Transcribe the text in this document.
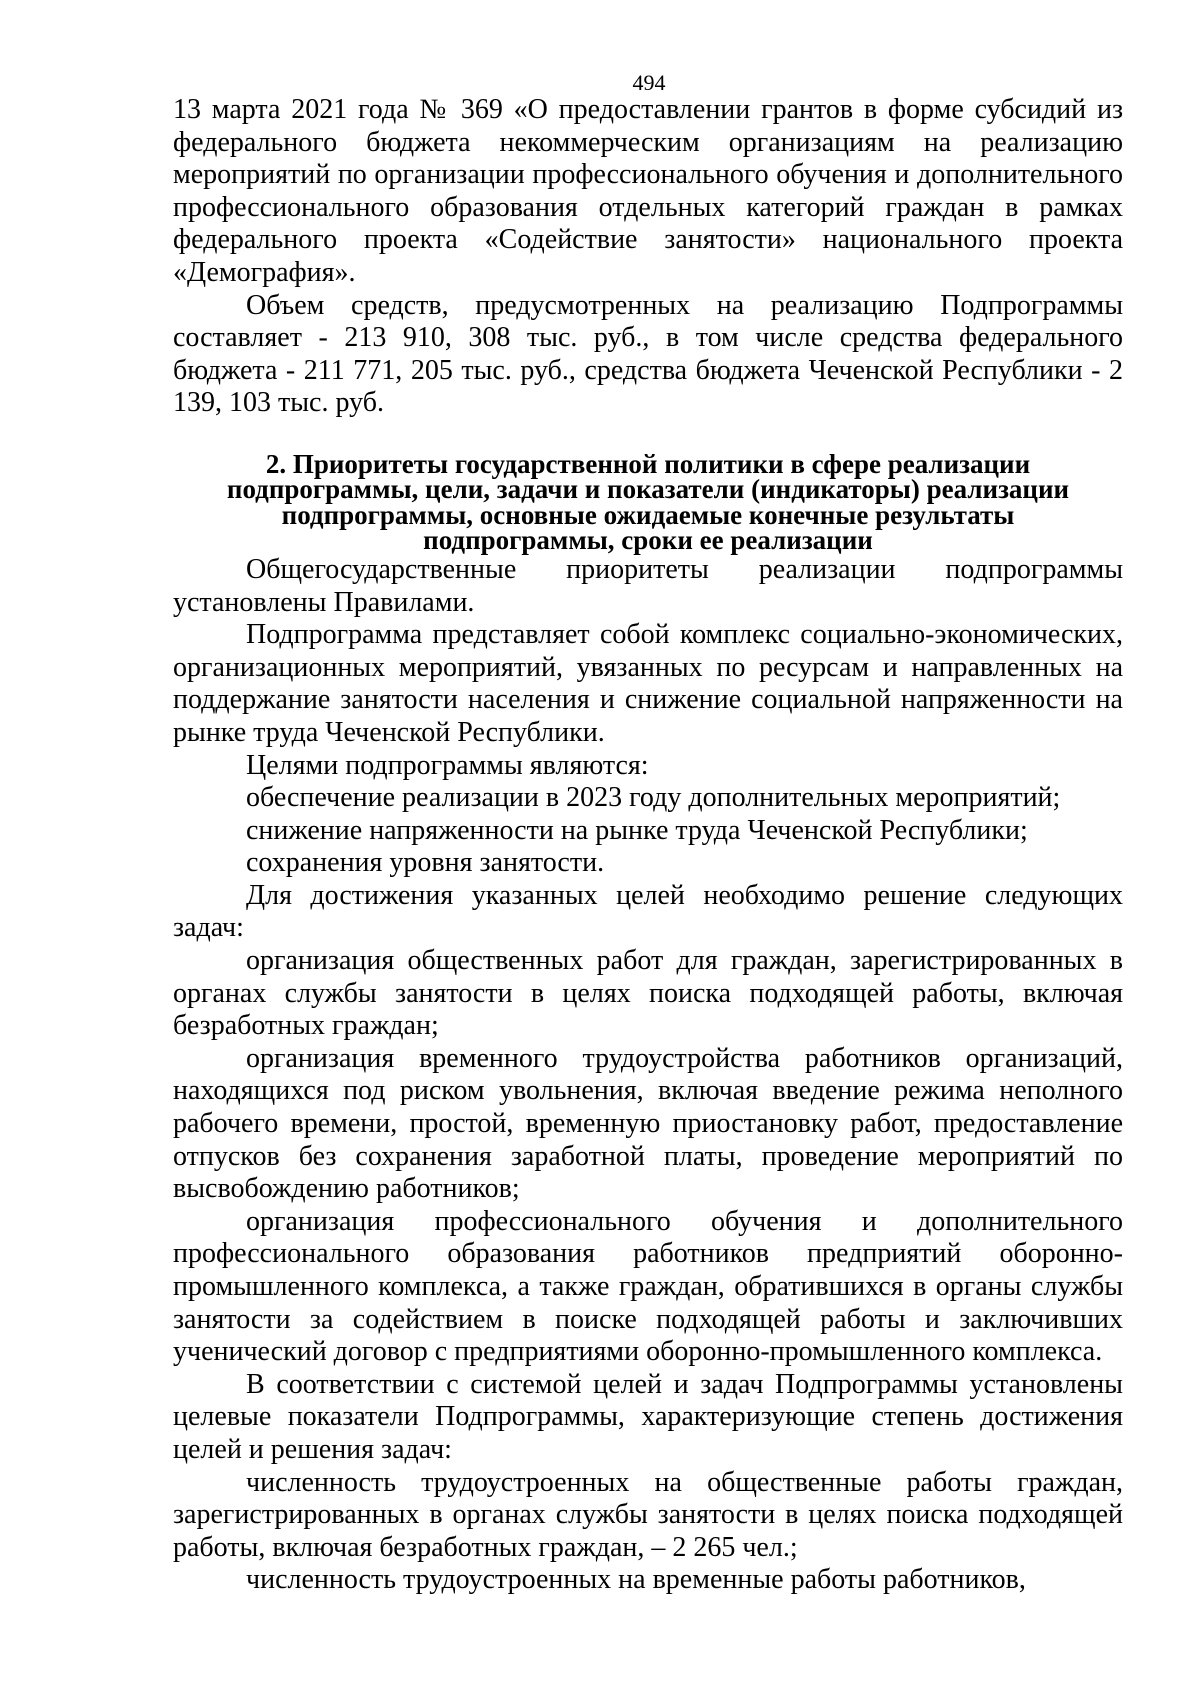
494

13 марта 2021 года № 369 «О предоставлении грантов в форме субсидий из федерального бюджета некоммерческим организациям на реализацию мероприятий по организации профессионального обучения и дополнительного профессионального образования отдельных категорий граждан в рамках федерального проекта «Содействие занятости» национального проекта «Демография».

Объем средств, предусмотренных на реализацию Подпрограммы составляет - 213 910, 308 тыс. руб., в том числе средства федерального бюджета - 211 771, 205 тыс. руб., средства бюджета Чеченской Республики - 2 139, 103 тыс. руб.

2. Приоритеты государственной политики в сфере реализации подпрограммы, цели, задачи и показатели (индикаторы) реализации подпрограммы, основные ожидаемые конечные результаты подпрограммы, сроки ее реализации

Общегосударственные приоритеты реализации подпрограммы установлены Правилами.

Подпрограмма представляет собой комплекс социально-экономических, организационных мероприятий, увязанных по ресурсам и направленных на поддержание занятости населения и снижение социальной напряженности на рынке труда Чеченской Республики.

Целями подпрограммы являются:

обеспечение реализации в 2023 году дополнительных мероприятий;

снижение напряженности на рынке труда Чеченской Республики;

сохранения уровня занятости.

Для достижения указанных целей необходимо решение следующих задач:

организация общественных работ для граждан, зарегистрированных в органах службы занятости в целях поиска подходящей работы, включая безработных граждан;

организация временного трудоустройства работников организаций, находящихся под риском увольнения, включая введение режима неполного рабочего времени, простой, временную приостановку работ, предоставление отпусков без сохранения заработной платы, проведение мероприятий по высвобождению работников;

организация профессионального обучения и дополнительного профессионального образования работников предприятий оборонно-промышленного комплекса, а также граждан, обратившихся в органы службы занятости за содействием в поиске подходящей работы и заключивших ученический договор с предприятиями оборонно-промышленного комплекса.

В соответствии с системой целей и задач Подпрограммы установлены целевые показатели Подпрограммы, характеризующие степень достижения целей и решения задач:

численность трудоустроенных на общественные работы граждан, зарегистрированных в органах службы занятости в целях поиска подходящей работы, включая безработных граждан, – 2 265 чел.;

численность трудоустроенных на временные работы работников,
